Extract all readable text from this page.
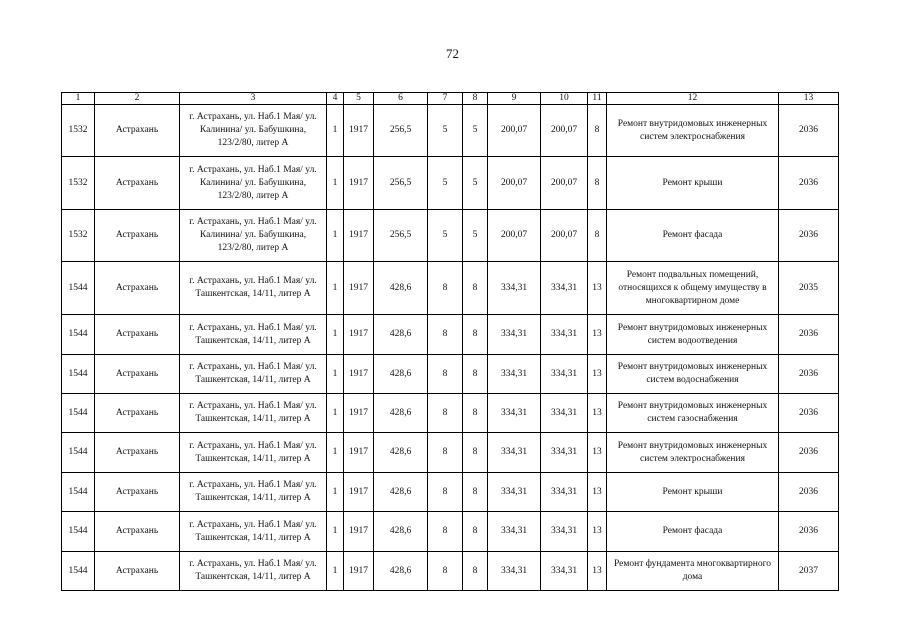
72
1	2	3	4	5	6	7	8	9	10	11	12	13
1532	Астрахань	г. Астрахань, ул. Наб.1 Мая/ ул. Калинина/ ул. Бабушкина, 123/2/80, литер А	1	1917	256,5	5	5	200,07	200,07	8	Ремонт внутридомовых инженерных систем электроснабжения	2036
1532	Астрахань	г. Астрахань, ул. Наб.1 Мая/ ул. Калинина/ ул. Бабушкина, 123/2/80, литер А	1	1917	256,5	5	5	200,07	200,07	8	Ремонт крыши	2036
1532	Астрахань	г. Астрахань, ул. Наб.1 Мая/ ул. Калинина/ ул. Бабушкина, 123/2/80, литер А	1	1917	256,5	5	5	200,07	200,07	8	Ремонт фасада	2036
1544	Астрахань	г. Астрахань, ул. Наб.1 Мая/ ул. Ташкентская, 14/11, литер А	1	1917	428,6	8	8	334,31	334,31	13	Ремонт подвальных помещений, относящихся к общему имуществу в многоквартирном доме	2035
1544	Астрахань	г. Астрахань, ул. Наб.1 Мая/ ул. Ташкентская, 14/11, литер А	1	1917	428,6	8	8	334,31	334,31	13	Ремонт внутридомовых инженерных систем водоотведения	2036
1544	Астрахань	г. Астрахань, ул. Наб.1 Мая/ ул. Ташкентская, 14/11, литер А	1	1917	428,6	8	8	334,31	334,31	13	Ремонт внутридомовых инженерных систем водоснабжения	2036
1544	Астрахань	г. Астрахань, ул. Наб.1 Мая/ ул. Ташкентская, 14/11, литер А	1	1917	428,6	8	8	334,31	334,31	13	Ремонт внутридомовых инженерных систем газоснабжения	2036
1544	Астрахань	г. Астрахань, ул. Наб.1 Мая/ ул. Ташкентская, 14/11, литер А	1	1917	428,6	8	8	334,31	334,31	13	Ремонт внутридомовых инженерных систем электроснабжения	2036
1544	Астрахань	г. Астрахань, ул. Наб.1 Мая/ ул. Ташкентская, 14/11, литер А	1	1917	428,6	8	8	334,31	334,31	13	Ремонт крыши	2036
1544	Астрахань	г. Астрахань, ул. Наб.1 Мая/ ул. Ташкентская, 14/11, литер А	1	1917	428,6	8	8	334,31	334,31	13	Ремонт фасада	2036
1544	Астрахань	г. Астрахань, ул. Наб.1 Мая/ ул. Ташкентская, 14/11, литер А	1	1917	428,6	8	8	334,31	334,31	13	Ремонт фундамента многоквартирного дома	2037
